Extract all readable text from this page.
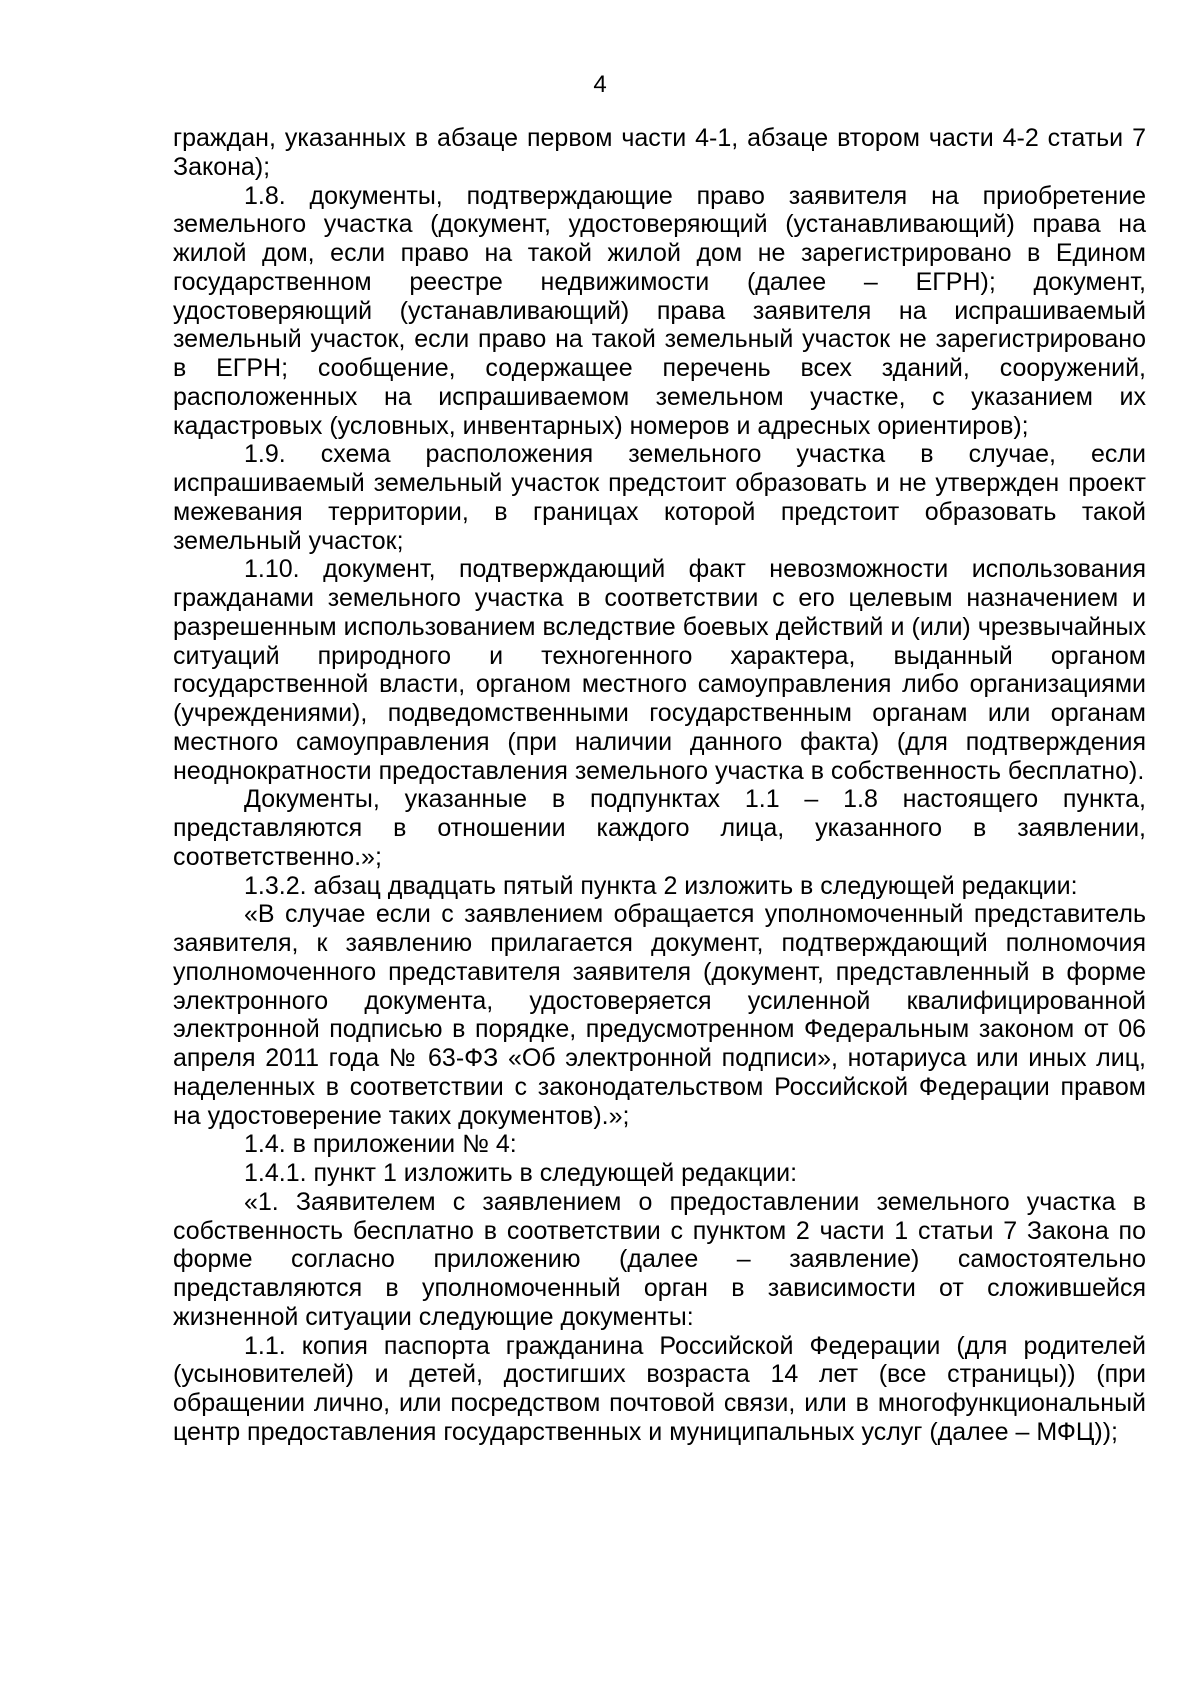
4

граждан, указанных в абзаце первом части 4-1, абзаце втором части 4-2 статьи 7 Закона);

1.8. документы, подтверждающие право заявителя на приобретение земельного участка (документ, удостоверяющий (устанавливающий) права на жилой дом, если право на такой жилой дом не зарегистрировано в Едином государственном реестре недвижимости (далее – ЕГРН); документ, удостоверяющий (устанавливающий) права заявителя на испрашиваемый земельный участок, если право на такой земельный участок не зарегистрировано в ЕГРН; сообщение, содержащее перечень всех зданий, сооружений, расположенных на испрашиваемом земельном участке, с указанием их кадастровых (условных, инвентарных) номеров и адресных ориентиров);

1.9. схема расположения земельного участка в случае, если испрашиваемый земельный участок предстоит образовать и не утвержден проект межевания территории, в границах которой предстоит образовать такой земельный участок;

1.10. документ, подтверждающий факт невозможности использования гражданами земельного участка в соответствии с его целевым назначением и разрешенным использованием вследствие боевых действий и (или) чрезвычайных ситуаций природного и техногенного характера, выданный органом государственной власти, органом местного самоуправления либо организациями (учреждениями), подведомственными государственным органам или органам местного самоуправления (при наличии данного факта) (для подтверждения неоднократности предоставления земельного участка в собственность бесплатно).

Документы, указанные в подпунктах 1.1 – 1.8 настоящего пункта, представляются в отношении каждого лица, указанного в заявлении, соответственно.»;

1.3.2. абзац двадцать пятый пункта 2 изложить в следующей редакции:

«В случае если с заявлением обращается уполномоченный представитель заявителя, к заявлению прилагается документ, подтверждающий полномочия уполномоченного представителя заявителя (документ, представленный в форме электронного документа, удостоверяется усиленной квалифицированной электронной подписью в порядке, предусмотренном Федеральным законом от 06 апреля 2011 года № 63-ФЗ «Об электронной подписи», нотариуса или иных лиц, наделенных в соответствии с законодательством Российской Федерации правом на удостоверение таких документов).»;

1.4. в приложении № 4:

1.4.1. пункт 1 изложить в следующей редакции:

«1. Заявителем с заявлением о предоставлении земельного участка в собственность бесплатно в соответствии с пунктом 2 части 1 статьи 7 Закона по форме согласно приложению (далее – заявление) самостоятельно представляются в уполномоченный орган в зависимости от сложившейся жизненной ситуации следующие документы:

1.1. копия паспорта гражданина Российской Федерации (для родителей (усыновителей) и детей, достигших возраста 14 лет (все страницы)) (при обращении лично, или посредством почтовой связи, или в многофункциональный центр предоставления государственных и муниципальных услуг (далее – МФЦ));
